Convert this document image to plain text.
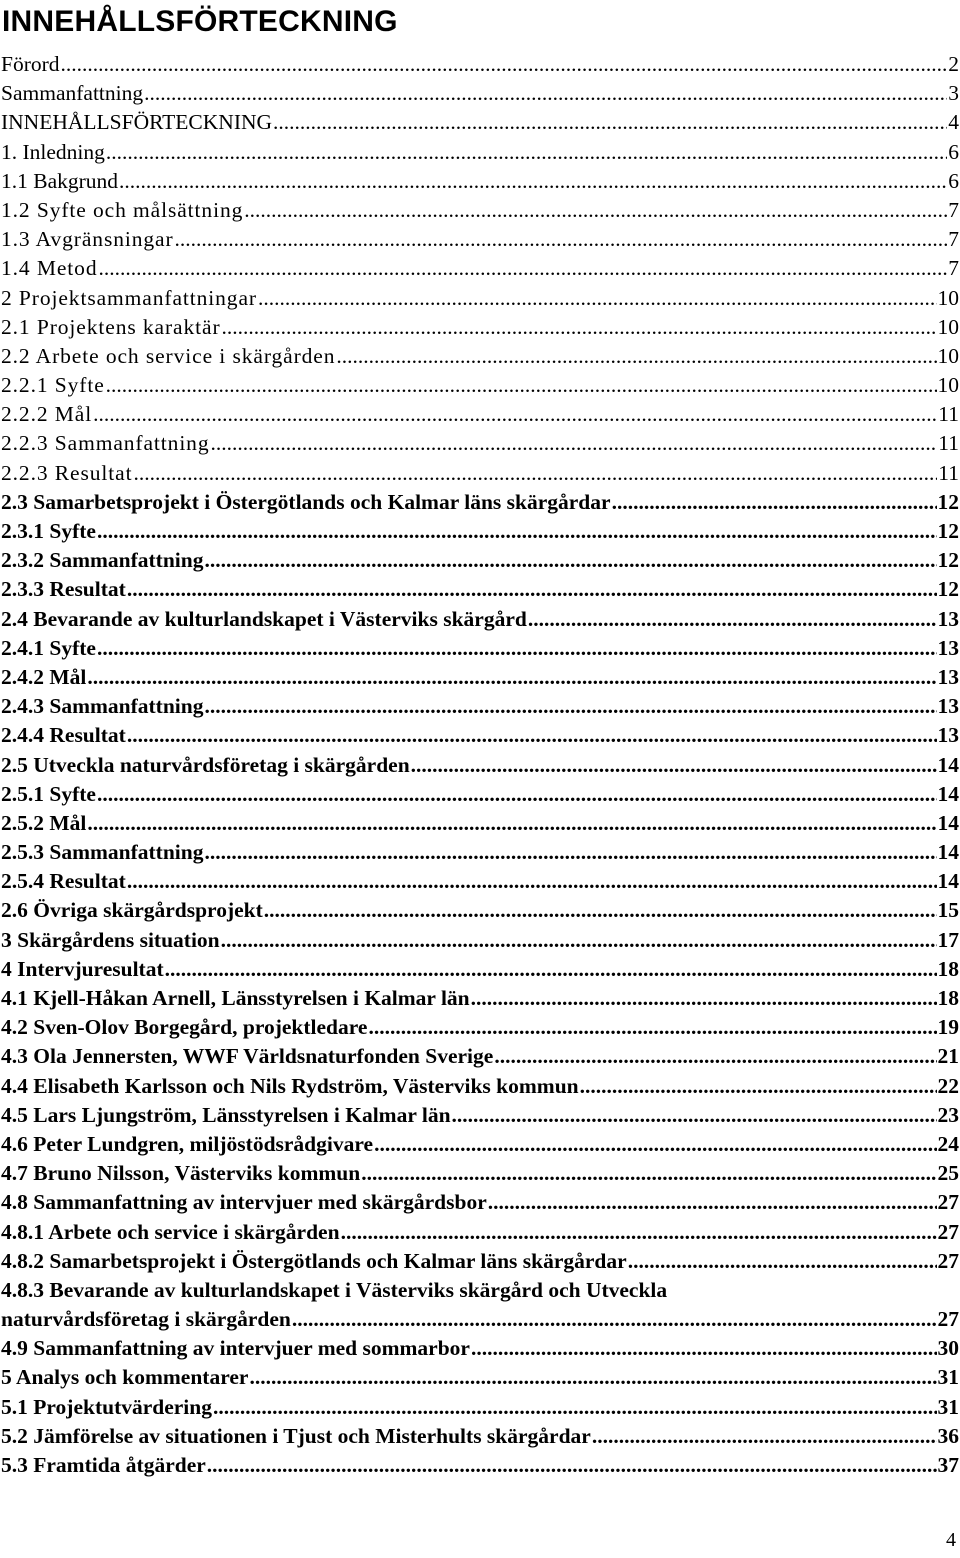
INNEHÅLLSFÖRTECKNING
Förord .....	2
Sammanfattning .....	3
INNEHÅLLSFÖRTECKNING .....	4
1. Inledning .....	6
1.1 Bakgrund .....	6
1.2 Syfte och målsättning .....	7
1.3 Avgränsningar .....	7
1.4 Metod .....	7
2 Projektsammanfattningar .....	10
2.1 Projektens karaktär .....	10
2.2 Arbete och service i skärgården .....	10
2.2.1 Syfte .....	10
2.2.2 Mål .....	11
2.2.3 Sammanfattning .....	11
2.2.3 Resultat .....	11
2.3 Samarbetsprojekt i Östergötlands och Kalmar läns skärgårdar .....	12
2.3.1 Syfte .....	12
2.3.2 Sammanfattning .....	12
2.3.3 Resultat .....	12
2.4 Bevarande av kulturlandskapet i Västerviks skärgård .....	13
2.4.1 Syfte .....	13
2.4.2 Mål .....	13
2.4.3 Sammanfattning .....	13
2.4.4 Resultat .....	13
2.5 Utveckla naturvårdsföretag i skärgården .....	14
2.5.1 Syfte .....	14
2.5.2 Mål .....	14
2.5.3 Sammanfattning .....	14
2.5.4 Resultat .....	14
2.6 Övriga skärgårdsprojekt .....	15
3 Skärgårdens situation .....	17
4 Intervjuresultat .....	18
4.1 Kjell-Håkan Arnell, Länsstyrelsen i Kalmar län .....	18
4.2 Sven-Olov Borgegård, projektledare .....	19
4.3 Ola Jennersten, WWF Världsnaturfonden Sverige .....	21
4.4 Elisabeth Karlsson och Nils Rydström, Västerviks kommun .....	22
4.5 Lars Ljungström, Länsstyrelsen i Kalmar län .....	23
4.6 Peter Lundgren, miljöstödsrådgivare .....	24
4.7 Bruno Nilsson, Västerviks kommun .....	25
4.8 Sammanfattning av intervjuer med skärgårdsbor .....	27
4.8.1 Arbete och service i skärgården .....	27
4.8.2 Samarbetsprojekt i Östergötlands och Kalmar läns skärgårdar .....	27
4.8.3 Bevarande av kulturlandskapet i Västerviks skärgård och Utveckla
naturvårdsföretag i skärgården .....	27
4.9 Sammanfattning av intervjuer med sommarbor .....	30
5 Analys och kommentarer .....	31
5.1 Projektutvärdering .....	31
5.2 Jämförelse av situationen i Tjust och Misterhults skärgårdar .....	36
5.3 Framtida åtgärder .....	37
4
